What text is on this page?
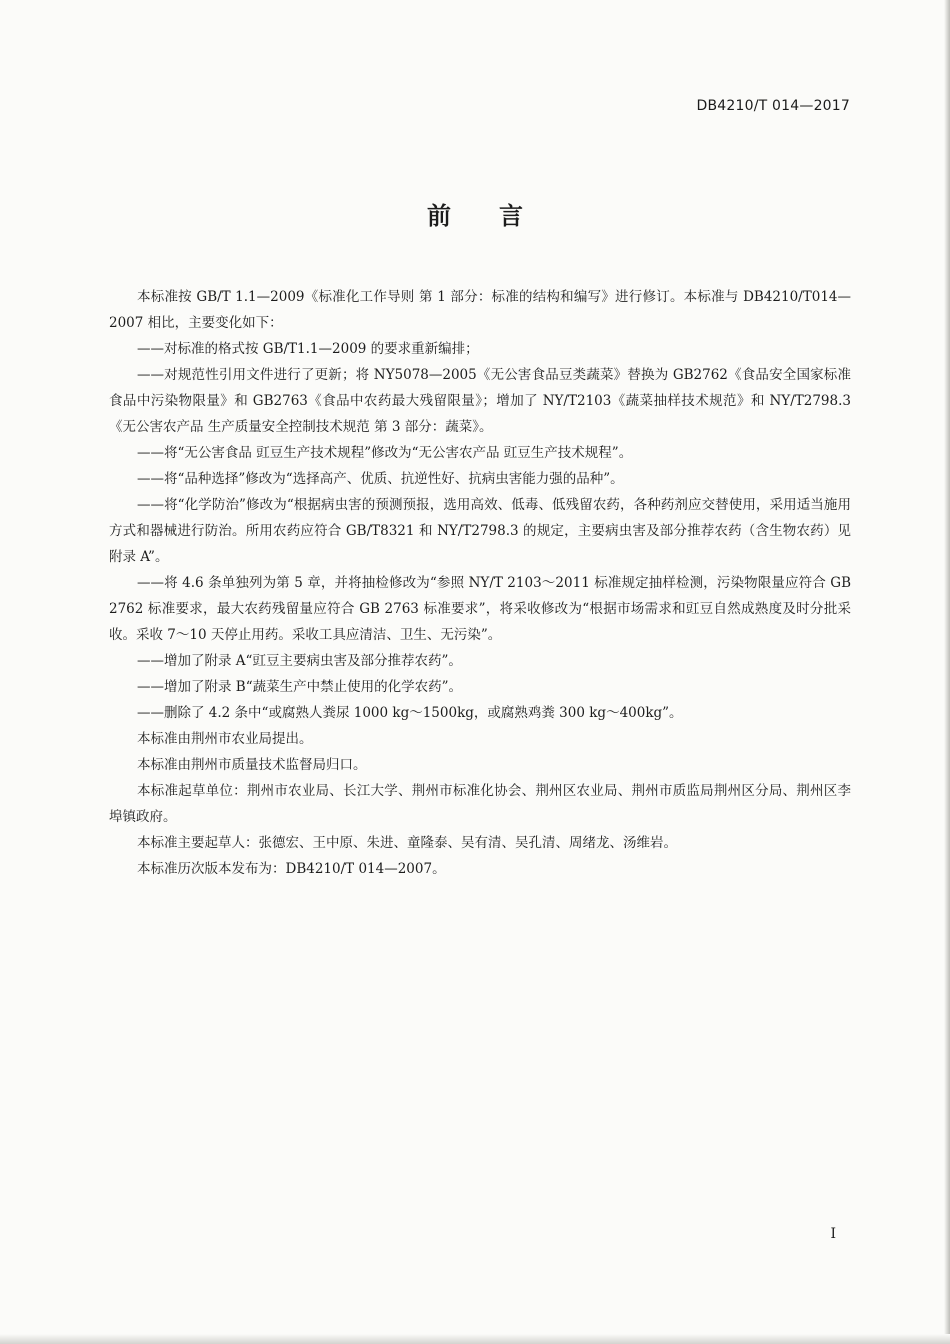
DB4210/T 014—2017
前言

本标准按 GB/T 1.1—2009《标准化工作导则 第 1 部分：标准的结构和编写》进行修订。本标准与 DB4210/T014—2007 相比，主要变化如下：

——对标准的格式按 GB/T1.1—2009 的要求重新编排；

——对规范性引用文件进行了更新；将 NY5078—2005《无公害食品豆类蔬菜》替换为 GB2762《食品安全国家标准 食品中污染物限量》和 GB2763《食品中农药最大残留限量》；增加了 NY/T2103《蔬菜抽样技术规范》和 NY/T2798.3《无公害农产品 生产质量安全控制技术规范 第 3 部分：蔬菜》。

——将“无公害食品 豇豆生产技术规程”修改为“无公害农产品 豇豆生产技术规程”。

——将“品种选择”修改为“选择高产、优质、抗逆性好、抗病虫害能力强的品种”。

——将“化学防治”修改为“根据病虫害的预测预报，选用高效、低毒、低残留农药，各种药剂应交替使用，采用适当施用方式和器械进行防治。所用农药应符合 GB/T8321 和 NY/T2798.3 的规定，主要病虫害及部分推荐农药（含生物农药）见附录 A”。

——将 4.6 条单独列为第 5 章，并将抽检修改为“参照 NY/T 2103～2011 标准规定抽样检测，污染物限量应符合 GB 2762 标准要求，最大农药残留量应符合 GB 2763 标准要求”，将采收修改为“根据市场需求和豇豆自然成熟度及时分批采收。采收 7～10 天停止用药。采收工具应清洁、卫生、无污染”。

——增加了附录 A“豇豆主要病虫害及部分推荐农药”。

——增加了附录 B“蔬菜生产中禁止使用的化学农药”。

——删除了 4.2 条中“或腐熟人粪尿 1000 kg～1500kg，或腐熟鸡粪 300 kg～400kg”。

本标准由荆州市农业局提出。

本标准由荆州市质量技术监督局归口。

本标准起草单位：荆州市农业局、长江大学、荆州市标准化协会、荆州区农业局、荆州市质监局荆州区分局、荆州区李埠镇政府。

本标准主要起草人：张德宏、王中原、朱进、童隆泰、吴有清、吴孔清、周绪龙、汤维岩。

本标准历次版本发布为：DB4210/T 014—2007。

I
